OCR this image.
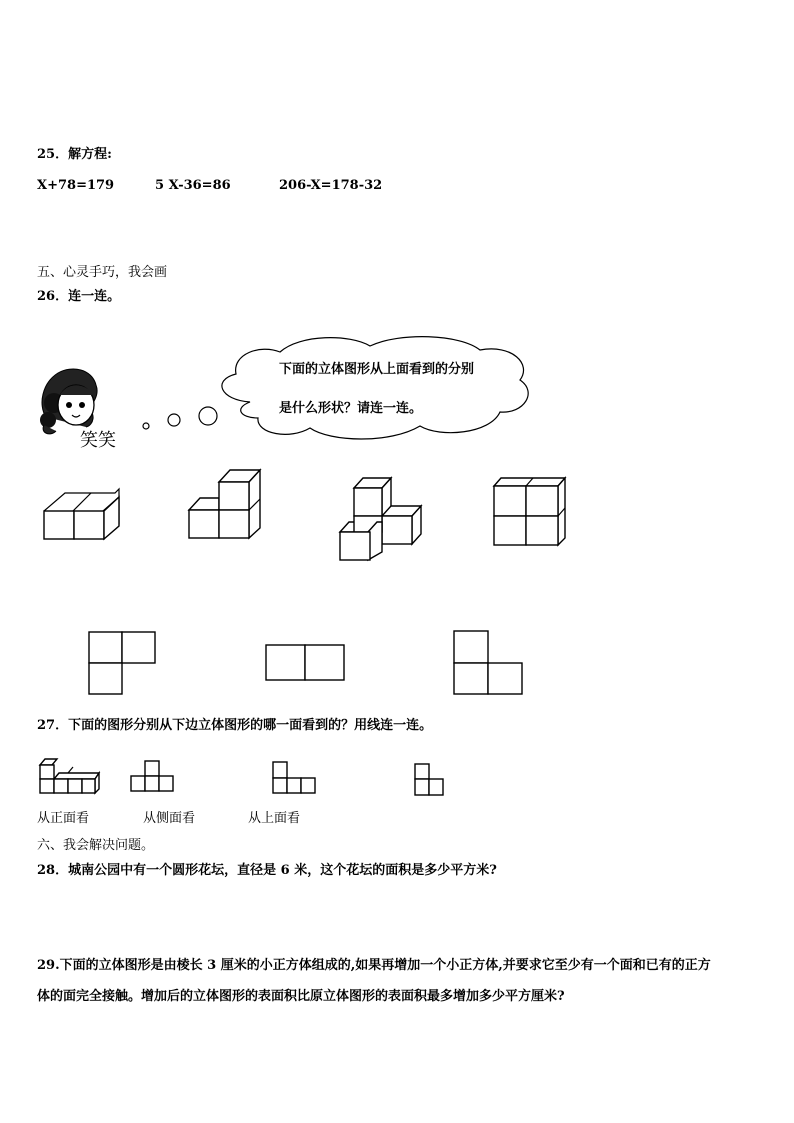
25．解方程:
X+78=179	5 X-36=86	206-X=178-32
五、心灵手巧，我会画
26．连一连。
笑笑
下面的立体图形从上面看到的分别
是什么形状？请连一连。
27．下面的图形分别从下边立体图形的哪一面看到的？用线连一连。
从正面看	从侧面看	从上面看
六、我会解决问题。
28．城南公园中有一个圆形花坛，直径是 6 米，这个花坛的面积是多少平方米?
29.下面的立体图形是由棱长 3 厘米的小正方体组成的,如果再增加一个小正方体,并要求它至少有一个面和已有的正方
体的面完全接触。增加后的立体图形的表面积比原立体图形的表面积最多增加多少平方厘米?
